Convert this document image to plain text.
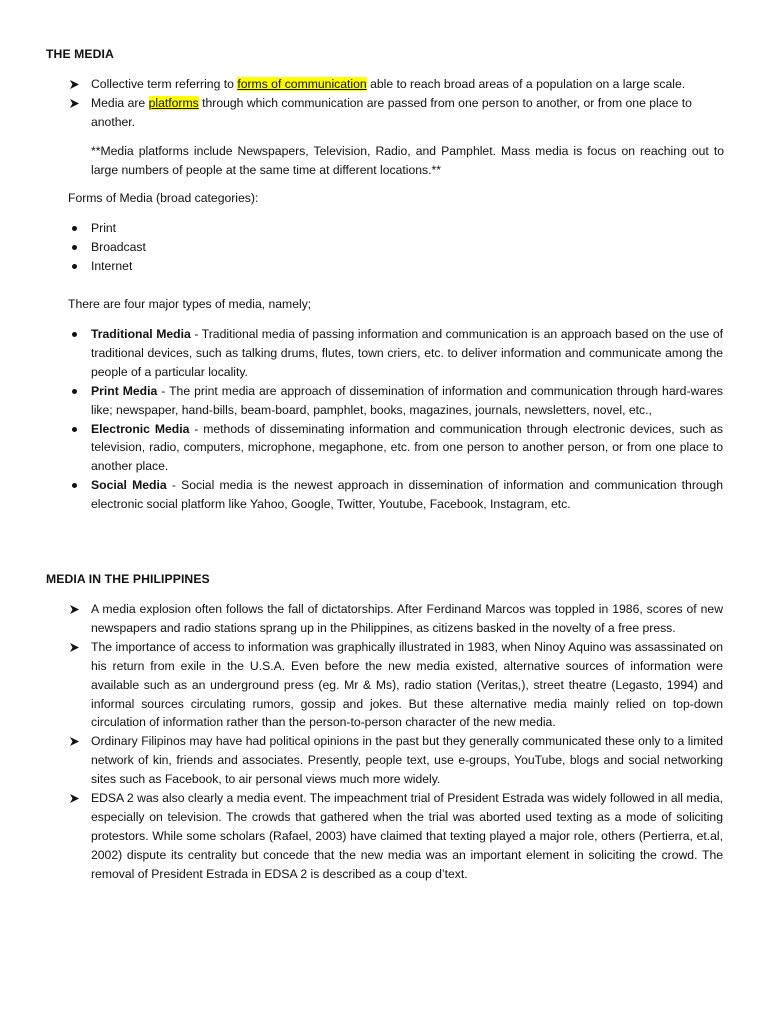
THE MEDIA
Collective term referring to forms of communication able to reach broad areas of a population on a large scale.
Media are platforms through which communication are passed from one person to another, or from one place to another.
**Media platforms include Newspapers, Television, Radio, and Pamphlet. Mass media is focus on reaching out to large numbers of people at the same time at different locations.**
Forms of Media (broad categories):
Print
Broadcast
Internet
There are four major types of media, namely;
Traditional Media - Traditional media of passing information and communication is an approach based on the use of traditional devices, such as talking drums, flutes, town criers, etc. to deliver information and communicate among the people of a particular locality.
Print Media - The print media are approach of dissemination of information and communication through hard-wares like; newspaper, hand-bills, beam-board, pamphlet, books, magazines, journals, newsletters, novel, etc.,
Electronic Media - methods of disseminating information and communication through electronic devices, such as television, radio, computers, microphone, megaphone, etc. from one person to another person, or from one place to another place.
Social Media - Social media is the newest approach in dissemination of information and communication through electronic social platform like Yahoo, Google, Twitter, Youtube, Facebook, Instagram, etc.
MEDIA IN THE PHILIPPINES
A media explosion often follows the fall of dictatorships. After Ferdinand Marcos was toppled in 1986, scores of new newspapers and radio stations sprang up in the Philippines, as citizens basked in the novelty of a free press.
The importance of access to information was graphically illustrated in 1983, when Ninoy Aquino was assassinated on his return from exile in the U.S.A. Even before the new media existed, alternative sources of information were available such as an underground press (eg. Mr & Ms), radio station (Veritas,), street theatre (Legasto, 1994) and informal sources circulating rumors, gossip and jokes. But these alternative media mainly relied on top-down circulation of information rather than the person-to-person character of the new media.
Ordinary Filipinos may have had political opinions in the past but they generally communicated these only to a limited network of kin, friends and associates. Presently, people text, use e-groups, YouTube, blogs and social networking sites such as Facebook, to air personal views much more widely.
EDSA 2 was also clearly a media event. The impeachment trial of President Estrada was widely followed in all media, especially on television. The crowds that gathered when the trial was aborted used texting as a mode of soliciting protestors. While some scholars (Rafael, 2003) have claimed that texting played a major role, others (Pertierra, et.al, 2002) dispute its centrality but concede that the new media was an important element in soliciting the crowd. The removal of President Estrada in EDSA 2 is described as a coup d’text.
